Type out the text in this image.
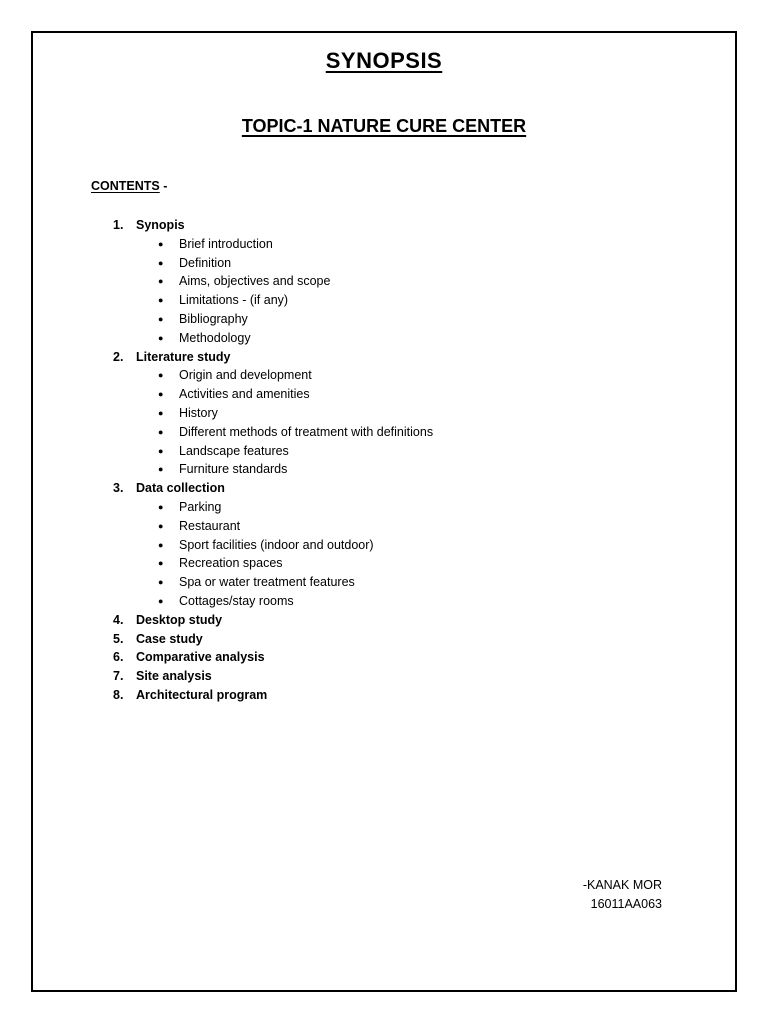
SYNOPSIS
TOPIC-1 NATURE CURE CENTER
CONTENTS -
1.	Synopis
●	Brief introduction
●	Definition
●	Aims, objectives and scope
●	Limitations - (if any)
●	Bibliography
●	Methodology
2.	Literature study
●	Origin and development
●	Activities and amenities
●	History
●	Different methods of treatment with definitions
●	Landscape features
●	Furniture standards
3.	Data collection
●	Parking
●	Restaurant
●	Sport facilities (indoor and outdoor)
●	Recreation spaces
●	Spa or water treatment features
●	Cottages/stay rooms
4.	Desktop study
5.	Case study
6.	Comparative analysis
7.	Site analysis
8.	Architectural program
-KANAK MOR
16011AA063
